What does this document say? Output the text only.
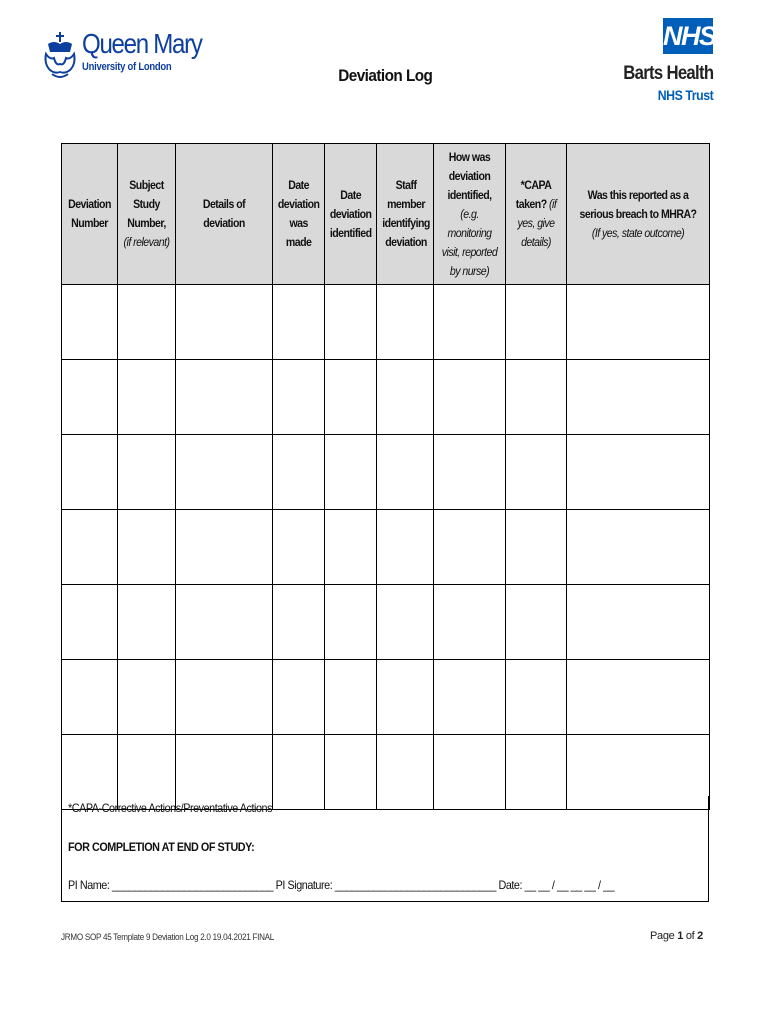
Queen Mary
University of London	Deviation Log
NHS
Barts Health
NHS Trust
Deviation Number	Subject Study Number, (if relevant)	Details of deviation	Date deviation was made	Date deviation identified	Staff member identifying deviation	How was deviation identified, (e.g. monitoring visit, reported by nurse)	*CAPA taken? (if yes, give details)	Was this reported as a serious breach to MHRA? (If yes, state outcome)

*CAPA-Corrective Actions/Preventative Actions
FOR COMPLETION AT END OF STUDY:
PI Name: _____________________________ PI Signature: _____________________________ Date: __ __ / __ __ __ / __
JRMO SOP 45 Template 9 Deviation Log 2.0 19.04.2021 FINAL	Page 1 of 2
